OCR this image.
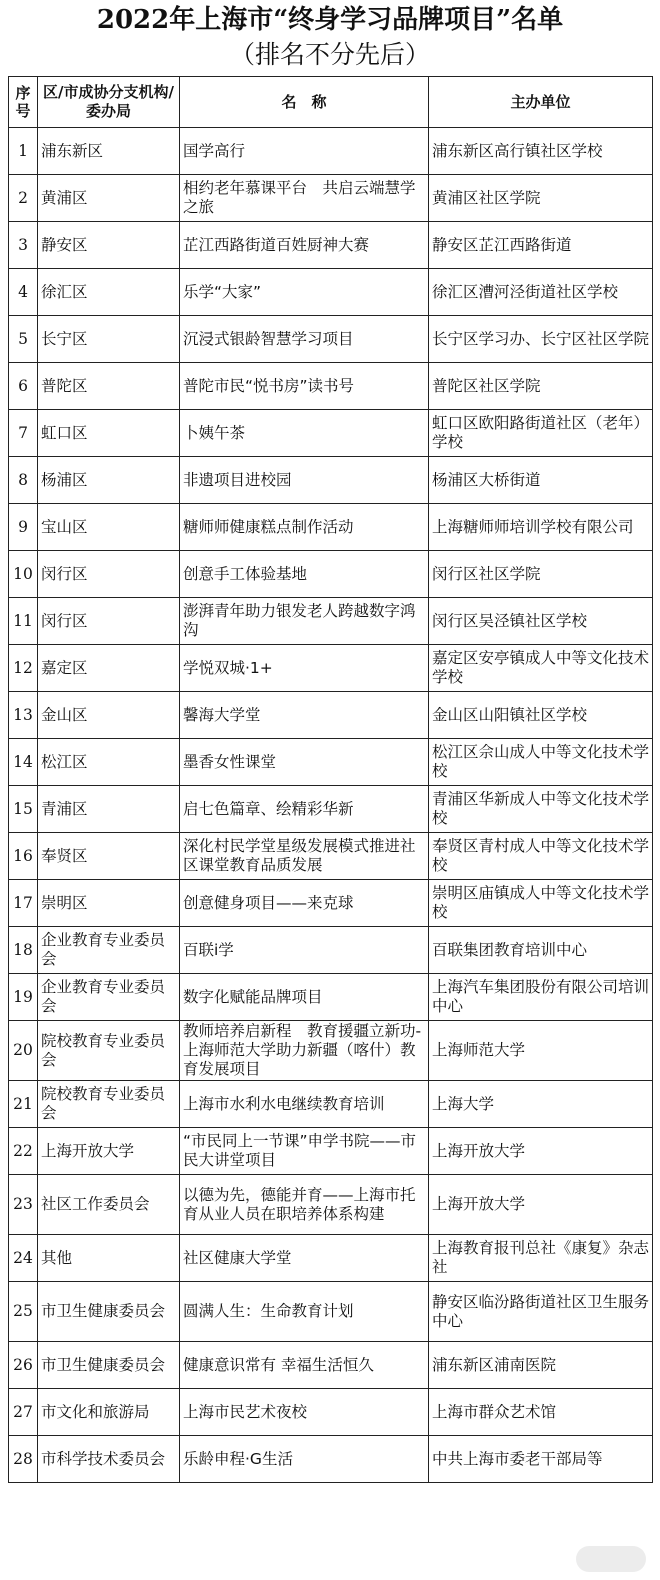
2022年上海市“终身学习品牌项目”名单
（排名不分先后）
序号	区/市成协分支机构/委办局	名　称	主办单位
1	浦东新区	国学高行	浦东新区高行镇社区学校
2	黄浦区	相约老年慕课平台　共启云端慧学之旅	黄浦区社区学院
3	静安区	芷江西路街道百姓厨神大赛	静安区芷江西路街道
4	徐汇区	乐学“大家”	徐汇区漕河泾街道社区学校
5	长宁区	沉浸式银龄智慧学习项目	长宁区学习办、长宁区社区学院
6	普陀区	普陀市民“悦书房”读书号	普陀区社区学院
7	虹口区	卜姨午茶	虹口区欧阳路街道社区（老年）学校
8	杨浦区	非遗项目进校园	杨浦区大桥街道
9	宝山区	糖师师健康糕点制作活动	上海糖师师培训学校有限公司
10	闵行区	创意手工体验基地	闵行区社区学院
11	闵行区	澎湃青年助力银发老人跨越数字鸿沟	闵行区吴泾镇社区学校
12	嘉定区	学悦双城·1+	嘉定区安亭镇成人中等文化技术学校
13	金山区	馨海大学堂	金山区山阳镇社区学校
14	松江区	墨香女性课堂	松江区佘山成人中等文化技术学校
15	青浦区	启七色篇章、绘精彩华新	青浦区华新成人中等文化技术学校
16	奉贤区	深化村民学堂星级发展模式推进社区课堂教育品质发展	奉贤区青村成人中等文化技术学校
17	崇明区	创意健身项目——来克球	崇明区庙镇成人中等文化技术学校
18	企业教育专业委员会	百联i学	百联集团教育培训中心
19	企业教育专业委员会	数字化赋能品牌项目	上海汽车集团股份有限公司培训中心
20	院校教育专业委员会	教师培养启新程　教育援疆立新功-上海师范大学助力新疆（喀什）教育发展项目	上海师范大学
21	院校教育专业委员会	上海市水利水电继续教育培训	上海大学
22	上海开放大学	“市民同上一节课”申学书院——市民大讲堂项目	上海开放大学
23	社区工作委员会	以德为先，德能并育——上海市托育从业人员在职培养体系构建	上海开放大学
24	其他	社区健康大学堂	上海教育报刊总社《康复》杂志社
25	市卫生健康委员会	圆满人生：生命教育计划	静安区临汾路街道社区卫生服务中心
26	市卫生健康委员会	健康意识常有 幸福生活恒久	浦东新区浦南医院
27	市文化和旅游局	上海市民艺术夜校	上海市群众艺术馆
28	市科学技术委员会	乐龄申程·G生活	中共上海市委老干部局等
